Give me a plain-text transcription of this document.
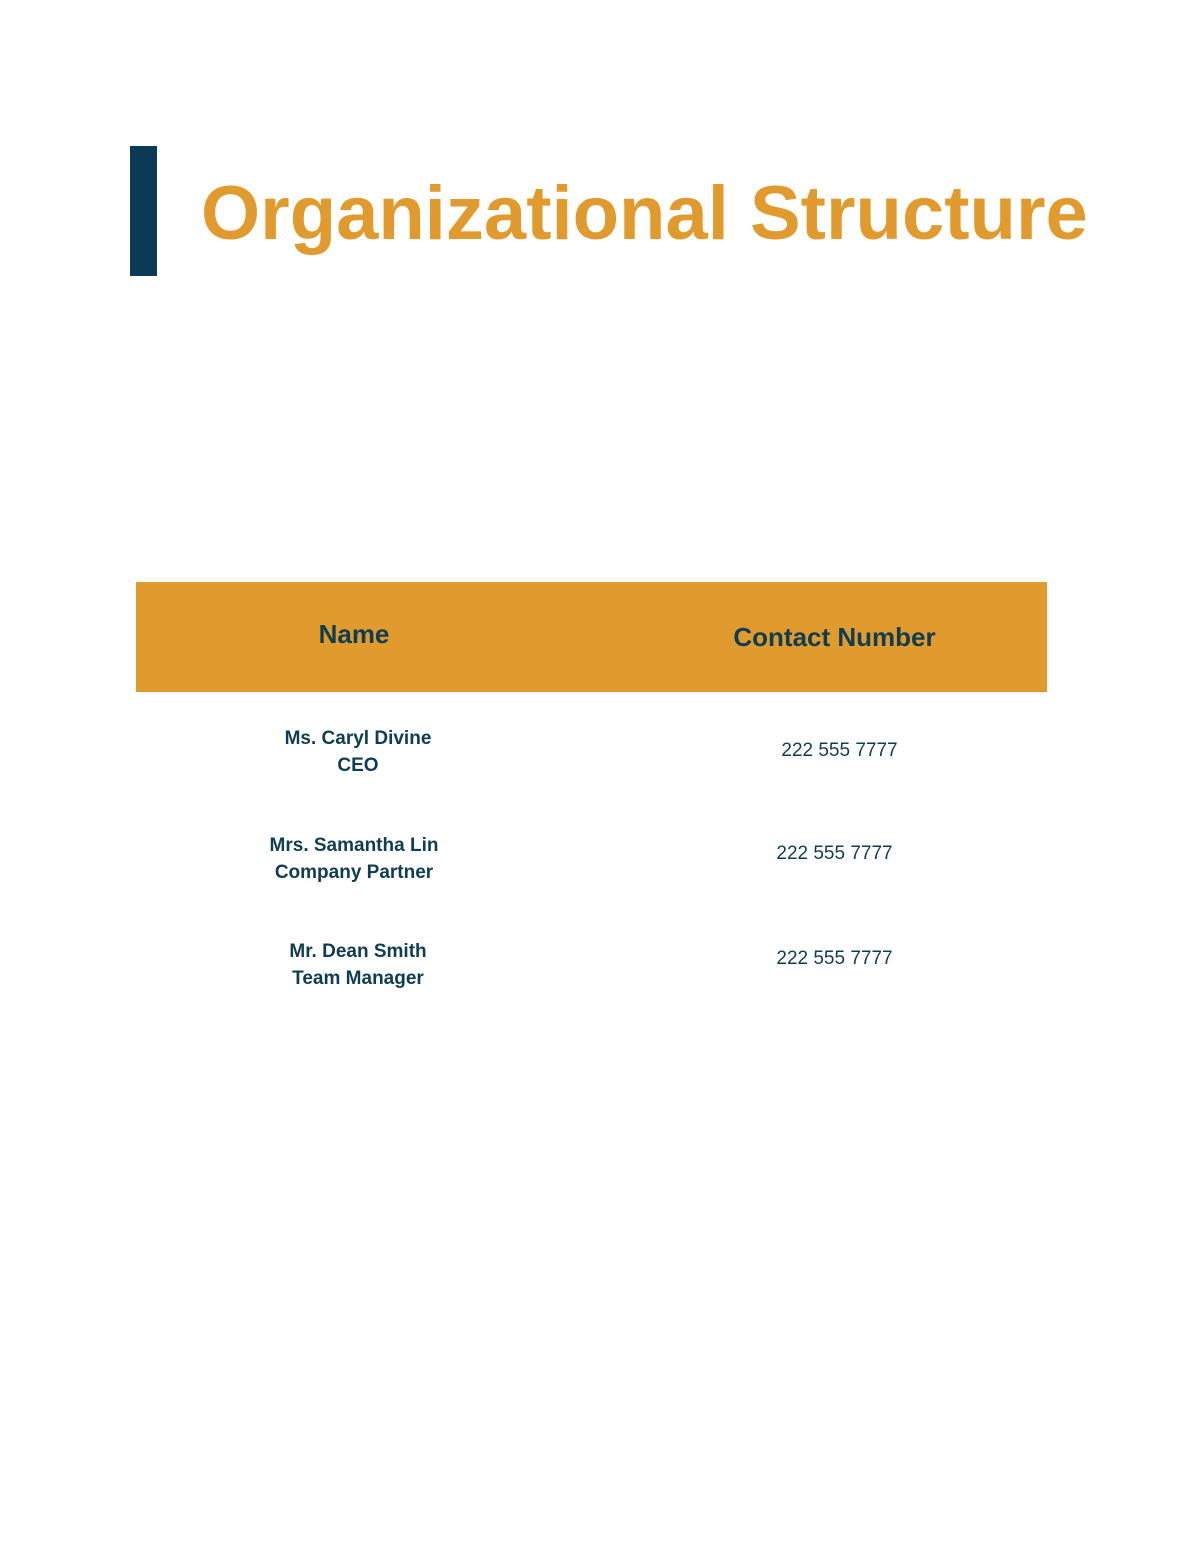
Organizational Structure
Name	Contact Number
Ms. Caryl Divine
CEO
222 555 7777
Mrs. Samantha Lin
Company Partner
222 555 7777
Mr. Dean Smith
Team Manager
222 555 7777
